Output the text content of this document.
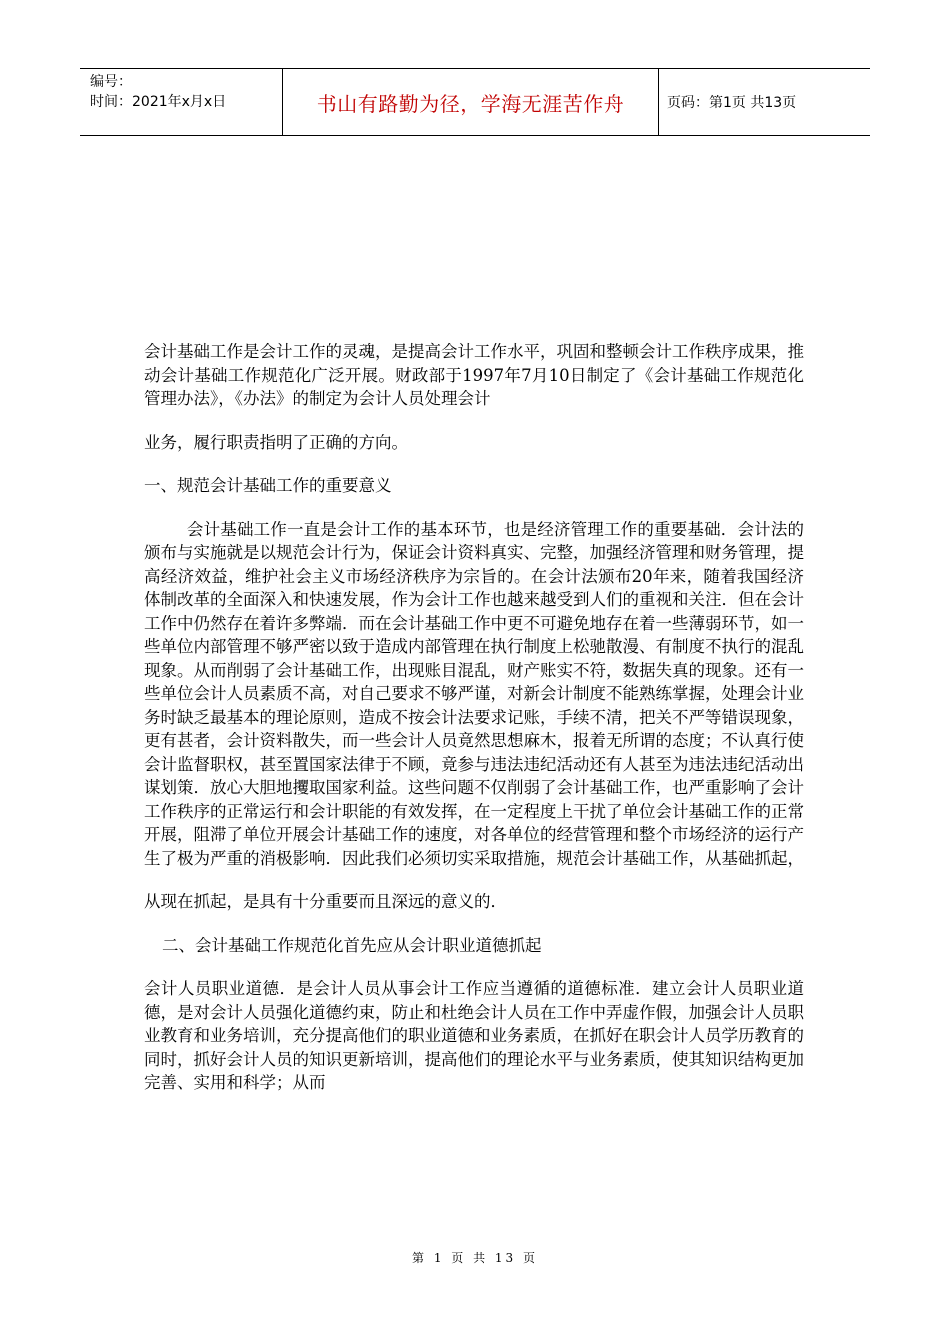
编号：
时间：2021年x月x日	书山有路勤为径，学海无涯苦作舟	页码：第1页 共13页

会计基础工作是会计工作的灵魂，是提高会计工作水平，巩固和整顿会计工作秩序成果，推动会计基础工作规范化广泛开展。财政部于1997年7月10日制定了《会计基础工作规范化管理办法》，《办法》的制定为会计人员处理会计

业务，履行职责指明了正确的方向。

一、规范会计基础工作的重要意义

会计基础工作一直是会计工作的基本环节，也是经济管理工作的重要基础．会计法的颁布与实施就是以规范会计行为，保证会计资料真实、完整，加强经济管理和财务管理，提高经济效益，维护社会主义市场经济秩序为宗旨的。在会计法颁布20年来，随着我国经济体制改革的全面深入和快速发展，作为会计工作也越来越受到人们的重视和关注．但在会计工作中仍然存在着许多弊端．而在会计基础工作中更不可避免地存在着一些薄弱环节，如一些单位内部管理不够严密以致于造成内部管理在执行制度上松驰散漫、有制度不执行的混乱现象。从而削弱了会计基础工作，出现账目混乱，财产账实不符，数据失真的现象。还有一些单位会计人员素质不高，对自己要求不够严谨，对新会计制度不能熟练掌握，处理会计业务时缺乏最基本的理论原则，造成不按会计法要求记账，手续不清，把关不严等错误现象，更有甚者，会计资料散失，而一些会计人员竟然思想麻木，报着无所谓的态度；不认真行使会计监督职权，甚至置国家法律于不顾，竟参与违法违纪活动还有人甚至为违法违纪活动出谋划策．放心大胆地攫取国家利益。这些问题不仅削弱了会计基础工作，也严重影响了会计工作秩序的正常运行和会计职能的有效发挥，在一定程度上干扰了单位会计基础工作的正常开展，阻滞了单位开展会计基础工作的速度，对各单位的经营管理和整个市场经济的运行产生了极为严重的消极影响．因此我们必须切实采取措施，规范会计基础工作，从基础抓起，

从现在抓起，是具有十分重要而且深远的意义的．

二、会计基础工作规范化首先应从会计职业道德抓起

会计人员职业道德．是会计人员从事会计工作应当遵循的道德标准．建立会计人员职业道德，是对会计人员强化道德约束，防止和杜绝会计人员在工作中弄虚作假，加强会计人员职业教育和业务培训，充分提高他们的职业道德和业务素质，在抓好在职会计人员学历教育的同时，抓好会计人员的知识更新培训，提高他们的理论水平与业务素质，使其知识结构更加完善、实用和科学；从而

第 1 页 共 13 页
